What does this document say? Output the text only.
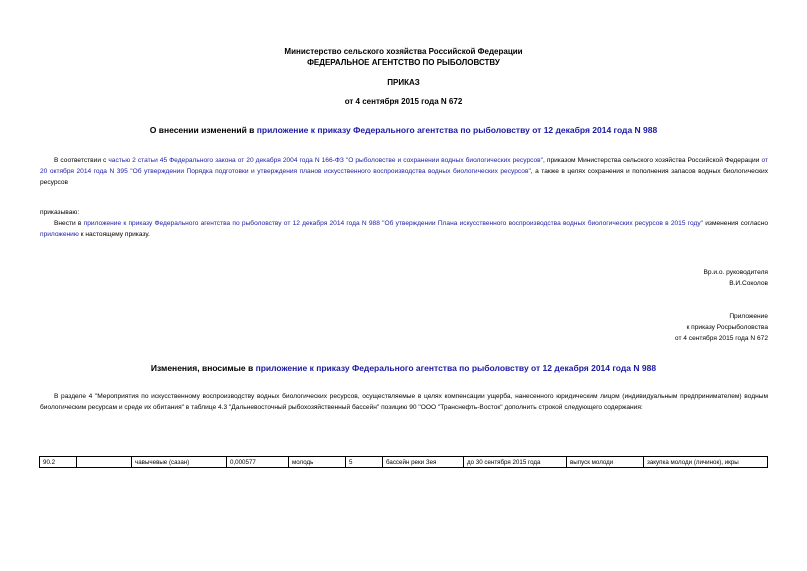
Министерство сельского хозяйства Российской Федерации
ФЕДЕРАЛЬНОЕ АГЕНТСТВО ПО РЫБОЛОВСТВУ
ПРИКАЗ
от 4 сентября 2015 года N 672
О внесении изменений в приложение к приказу Федерального агентства по рыболовству от 12 декабря 2014 года N 988
В соответствии с частью 2 статьи 45 Федерального закона от 20 декабря 2004 года N 166-ФЗ "О рыболовстве и сохранении водных биологических ресурсов", приказом Министерства сельского хозяйства Российской Федерации от 20 октября 2014 года N 395 "Об утверждении Порядка подготовки и утверждения планов искусственного воспроизводства водных биологических ресурсов", а также в целях сохранения и пополнения запасов водных биологических ресурсов
приказываю:
Внести в приложение к приказу Федерального агентства по рыболовству от 12 декабря 2014 года N 988 "Об утверждении Плана искусственного воспроизводства водных биологических ресурсов в 2015 году" изменения согласно приложению к настоящему приказу.
Вр.и.о. руководителя
В.И.Соколов
Приложение
к приказу Росрыболовства
от 4 сентября 2015 года N 672
Изменения, вносимые в приложение к приказу Федерального агентства по рыболовству от 12 декабря 2014 года N 988
В разделе 4 "Мероприятия по искусственному воспроизводству водных биологических ресурсов, осуществляемые в целях компенсации ущерба, нанесенного юридическим лицом (индивидуальным предпринимателем) водным биологическим ресурсам и среде их обитания" в таблице 4.3 "Дальневосточный рыбохозяйственный бассейн" позицию 90 "ООО "Транснефть-Восток" дополнить строкой следующего содержания:
90.2		чавычевые (сазан)	0,000577	молодь	5	бассейн реки Зея	до 30 сентября 2015 года	выпуск молоди	закупка молоди (личинок), икры
